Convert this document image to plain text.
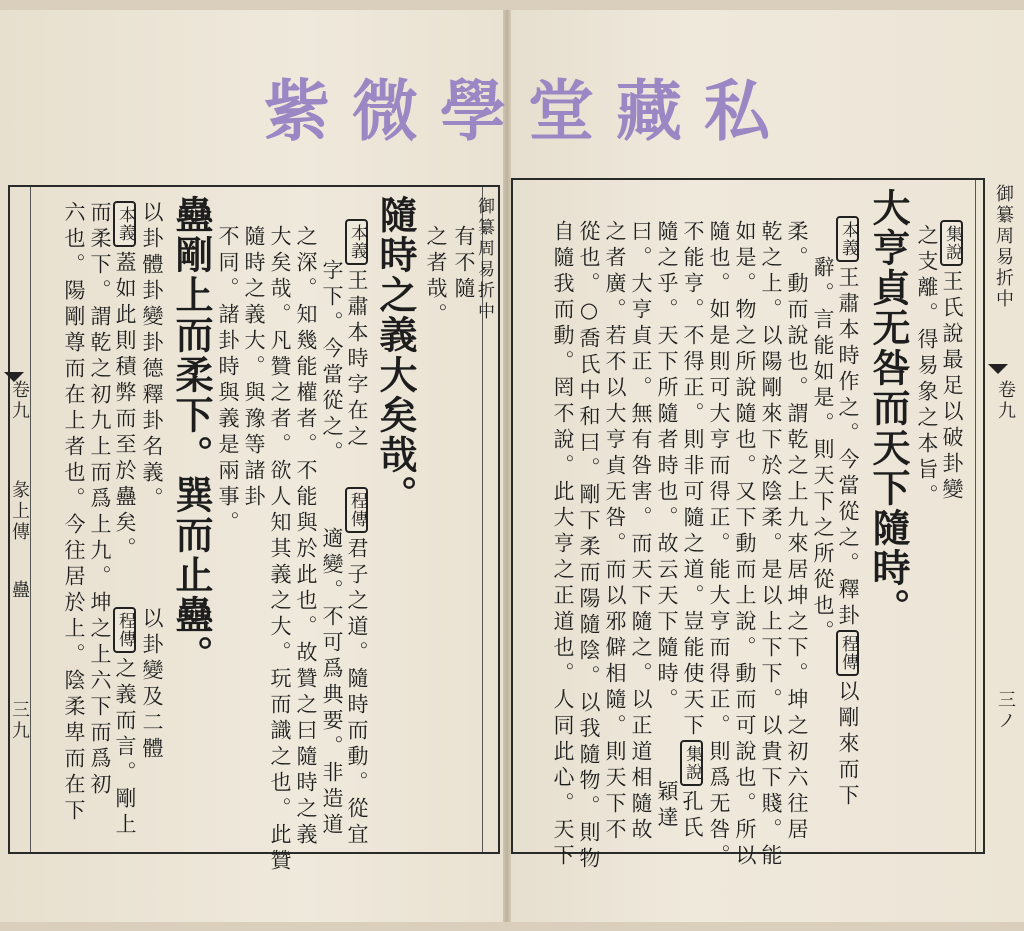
紫微學堂藏私
御纂周易折中
有不隨
之者哉。
隨時之義大矣哉。
本義王肅本時字在之
字下。今當從之。
程傳君子之道。隨時而動。從宜
適變。不可爲典要。非造道
之深。知幾能權者。不能與於此也。故贊之曰隨時之義
大矣哉。凡贊之者。欲人知其義之大。玩而識之也。此贊
隨時之義大。與豫等諸卦
不同。諸卦時與義是兩事。
蠱剛上而柔下。巽而止蠱。
以卦體卦變卦德釋卦名義。
本義蓋如此則積弊而至於蠱矣。
以卦變及二體
程傳之義而言。剛上
而柔下。謂乾之初九上而爲上九。坤之上六下而爲初
六也。陽剛尊而在上者也。今往居於上。陰柔卑而在下
卷九
彖上傳
蠱
三九
之支離。得易象之本旨。 集說王氏說最足以破卦變
大亨貞无咎而天下隨時。
本義王肅本時作之。今當從之。釋卦
辭。言能如是。則天下之所從也。
程傳以剛來而下
柔。動而說也。謂乾之上九來居坤之下。坤之初六往居
乾之上。以陽剛來下於陰柔。是以上下下。以貴下賤。能
如是。物之所說隨也。又下動而上說。動而可說也。所以
隨也。如是則可大亨而得正。能大亨而得正。則爲无咎。
不能亨。不得正。則非可隨之道。豈能使天下
隨之乎。天下所隨者時也。故云天下隨時。
集說孔氏
穎達
曰。大亨貞正。無有咎害。而天下隨之。以正道相隨故
之者廣。若不以大亨貞无咎。而以邪僻相隨。則天下不
從也。○喬氏中和曰。剛下柔而陽隨陰。以我隨物。則物
自隨我而動。罔不說。此大亨之正道也。人同此心。天下	御纂周易折中
卷九
三ノ
